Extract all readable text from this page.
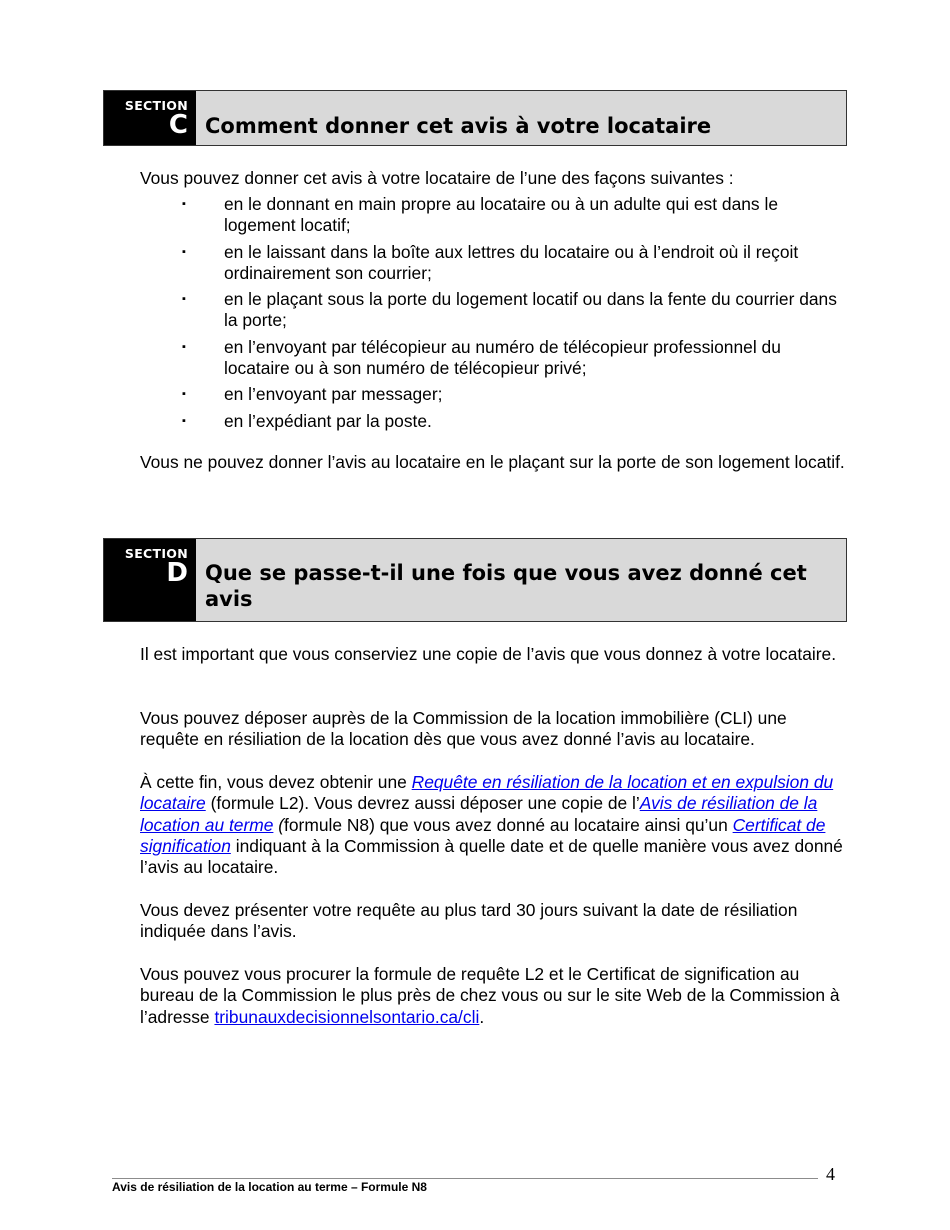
SECTION
C Comment donner cet avis à votre locataire

Vous pouvez donner cet avis à votre locataire de l’une des façons suivantes :

▪ en le donnant en main propre au locataire ou à un adulte qui est dans le logement locatif;
▪ en le laissant dans la boîte aux lettres du locataire ou à l’endroit où il reçoit ordinairement son courrier;
▪ en le plaçant sous la porte du logement locatif ou dans la fente du courrier dans la porte;
▪ en l’envoyant par télécopieur au numéro de télécopieur professionnel du locataire ou à son numéro de télécopieur privé;
▪ en l’envoyant par messager;
▪ en l’expédiant par la poste.

Vous ne pouvez donner l’avis au locataire en le plaçant sur la porte de son logement locatif.

SECTION
D Que se passe-t-il une fois que vous avez donné cet avis

Il est important que vous conserviez une copie de l’avis que vous donnez à votre locataire.

Vous pouvez déposer auprès de la Commission de la location immobilière (CLI) une requête en résiliation de la location dès que vous avez donné l’avis au locataire.

À cette fin, vous devez obtenir une Requête en résiliation de la location et en expulsion du locataire (formule L2). Vous devrez aussi déposer une copie de l’Avis de résiliation de la location au terme (formule N8) que vous avez donné au locataire ainsi qu’un Certificat de signification indiquant à la Commission à quelle date et de quelle manière vous avez donné l’avis au locataire.

Vous devez présenter votre requête au plus tard 30 jours suivant la date de résiliation indiquée dans l’avis.

Vous pouvez vous procurer la formule de requête L2 et le Certificat de signification au bureau de la Commission le plus près de chez vous ou sur le site Web de la Commission à l’adresse tribunauxdecisionnelsontario.ca/cli.

Avis de résiliation de la location au terme – Formule N8
4
